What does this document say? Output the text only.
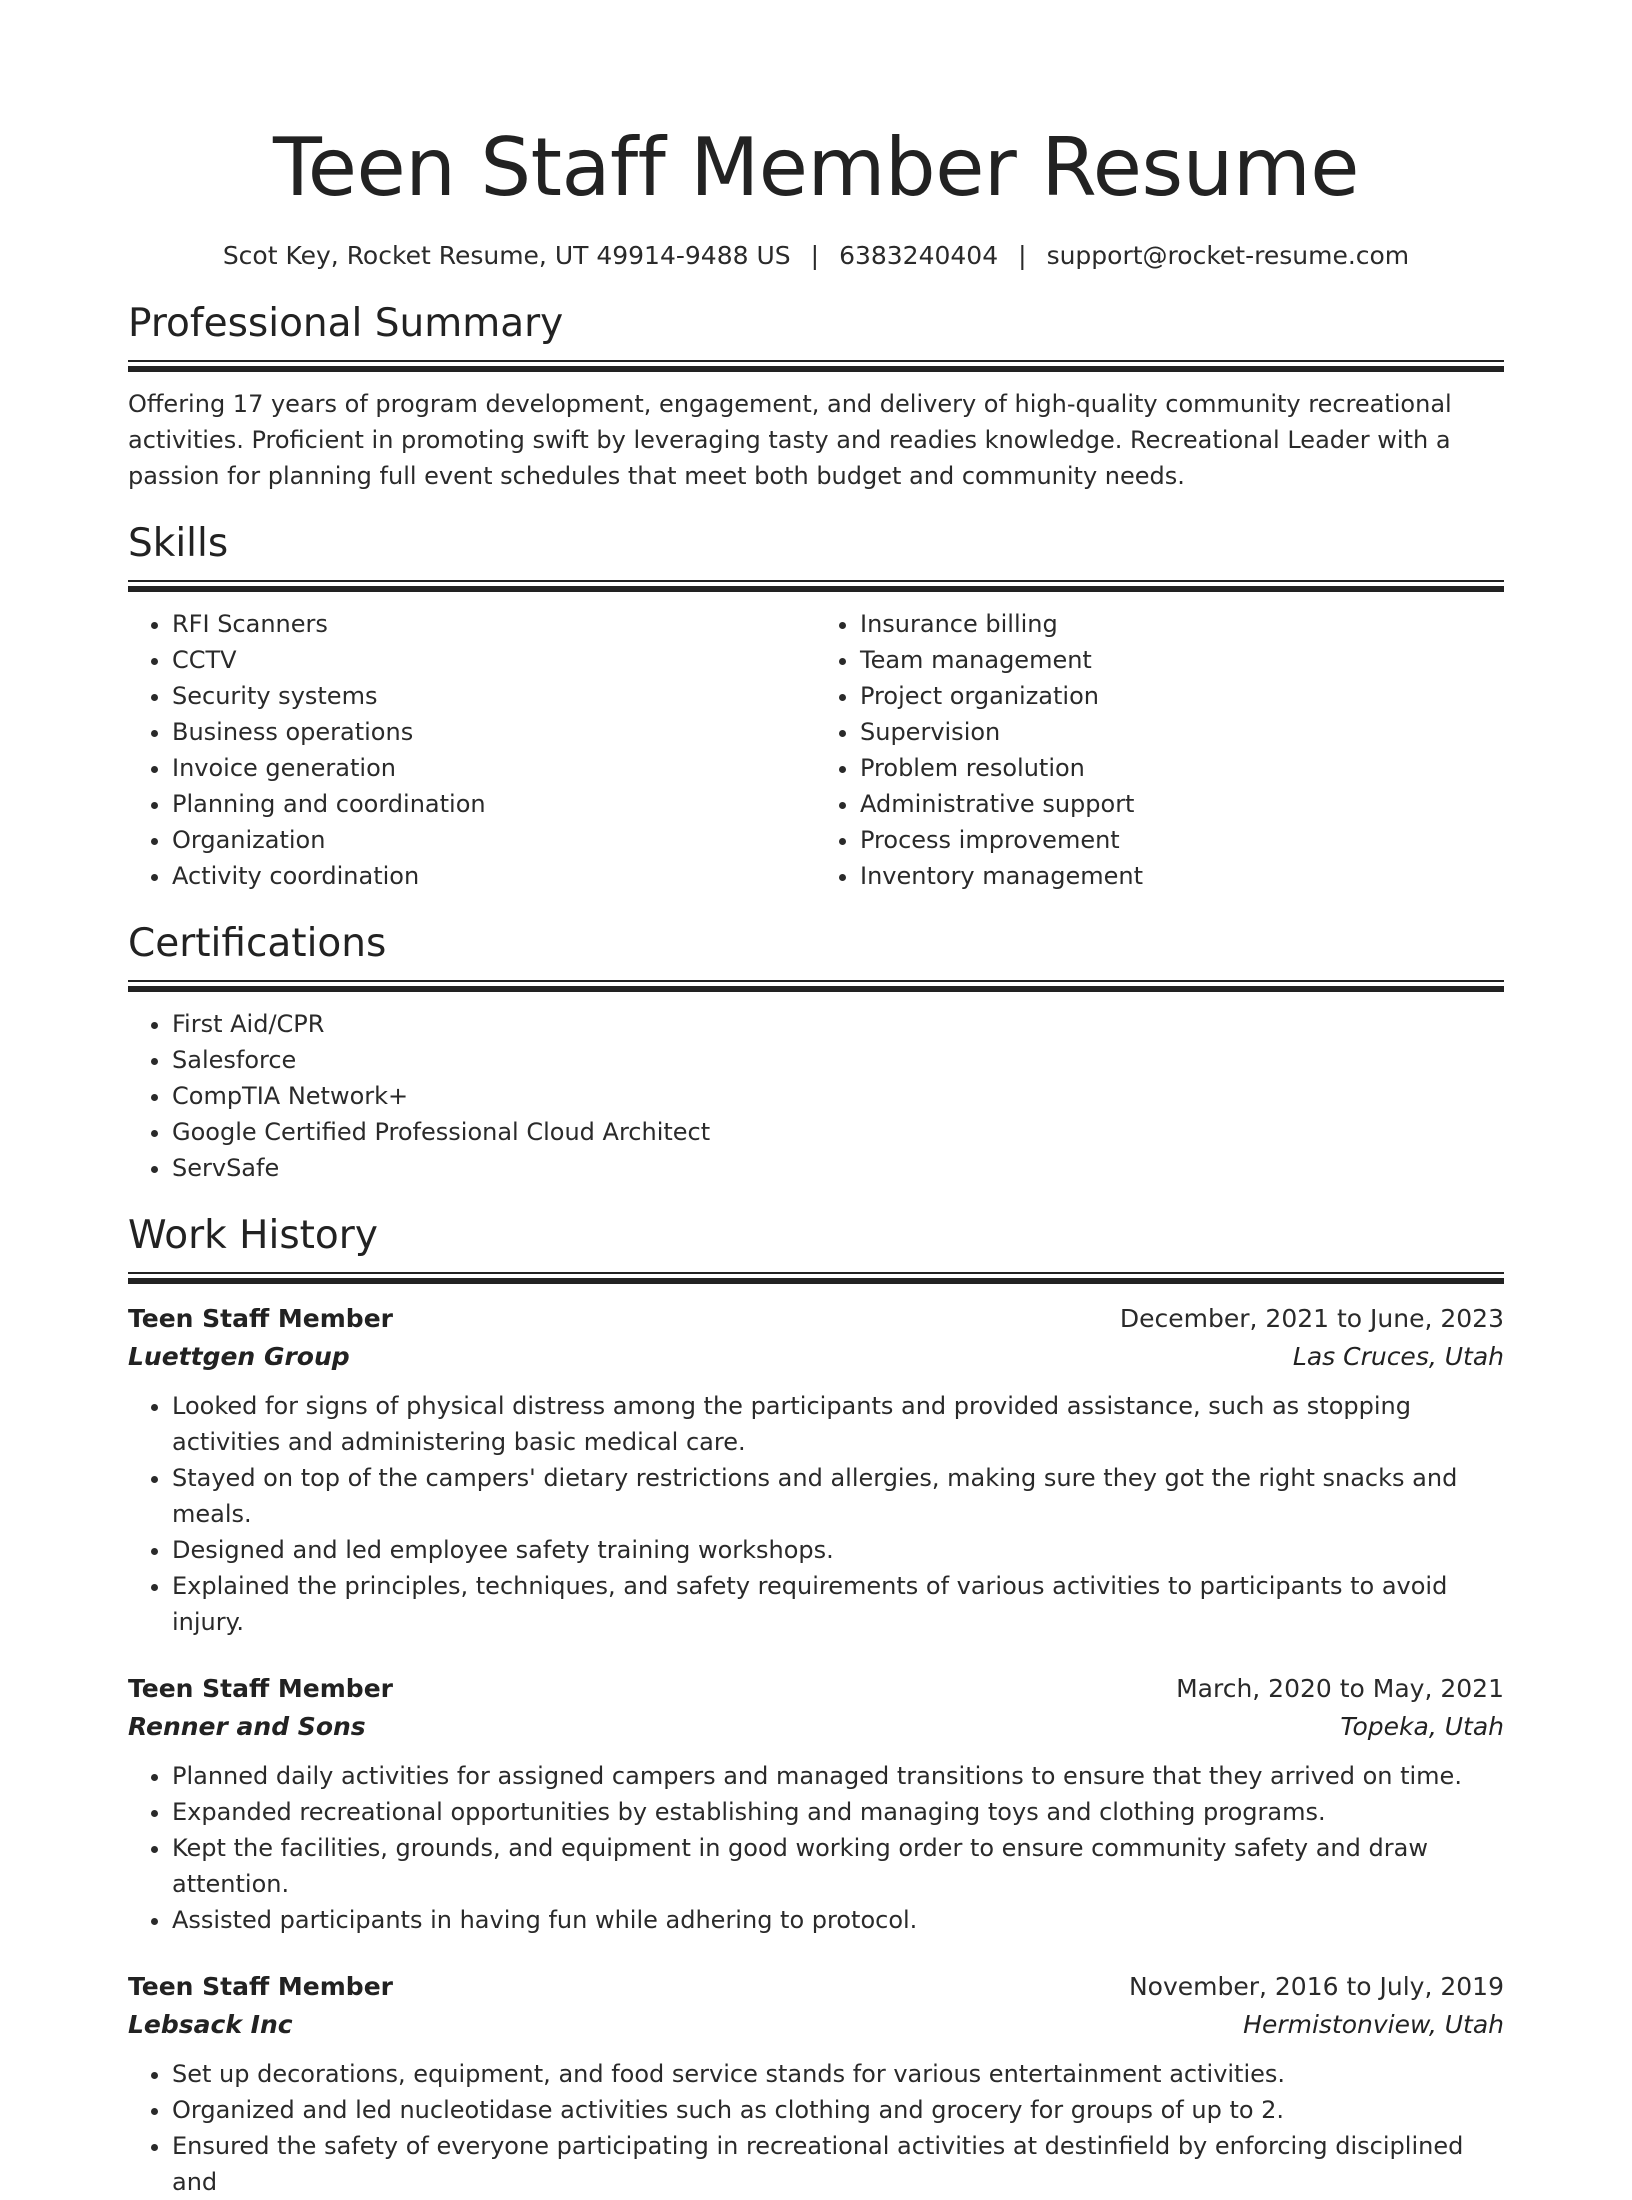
Teen Staff Member Resume
Scot Key, Rocket Resume, UT 49914-9488 US | 6383240404 | support@rocket-resume.com
Professional Summary

Offering 17 years of program development, engagement, and delivery of high-quality community recreational activities. Proficient in promoting swift by leveraging tasty and readies knowledge. Recreational Leader with a passion for planning full event schedules that meet both budget and community needs.

Skills
• RFI Scanners
• CCTV
• Security systems
• Business operations
• Invoice generation
• Planning and coordination
• Organization
• Activity coordination
• Insurance billing
• Team management
• Project organization
• Supervision
• Problem resolution
• Administrative support
• Process improvement
• Inventory management
Certifications
• First Aid/CPR
• Salesforce
• CompTIA Network+
• Google Certified Professional Cloud Architect
• ServSafe
Work History
Teen Staff Member	December, 2021 to June, 2023
Luettgen Group	Las Cruces, Utah
• Looked for signs of physical distress among the participants and provided assistance, such as stopping activities and administering basic medical care.
• Stayed on top of the campers' dietary restrictions and allergies, making sure they got the right snacks and meals.
• Designed and led employee safety training workshops.
• Explained the principles, techniques, and safety requirements of various activities to participants to avoid injury.
Teen Staff Member	March, 2020 to May, 2021
Renner and Sons	Topeka, Utah
• Planned daily activities for assigned campers and managed transitions to ensure that they arrived on time.
• Expanded recreational opportunities by establishing and managing toys and clothing programs.
• Kept the facilities, grounds, and equipment in good working order to ensure community safety and draw attention.
• Assisted participants in having fun while adhering to protocol.
Teen Staff Member	November, 2016 to July, 2019
Lebsack Inc	Hermistonview, Utah
• Set up decorations, equipment, and food service stands for various entertainment activities.
• Organized and led nucleotidase activities such as clothing and grocery for groups of up to 2.
• Ensured the safety of everyone participating in recreational activities at destinfield by enforcing disciplined and
